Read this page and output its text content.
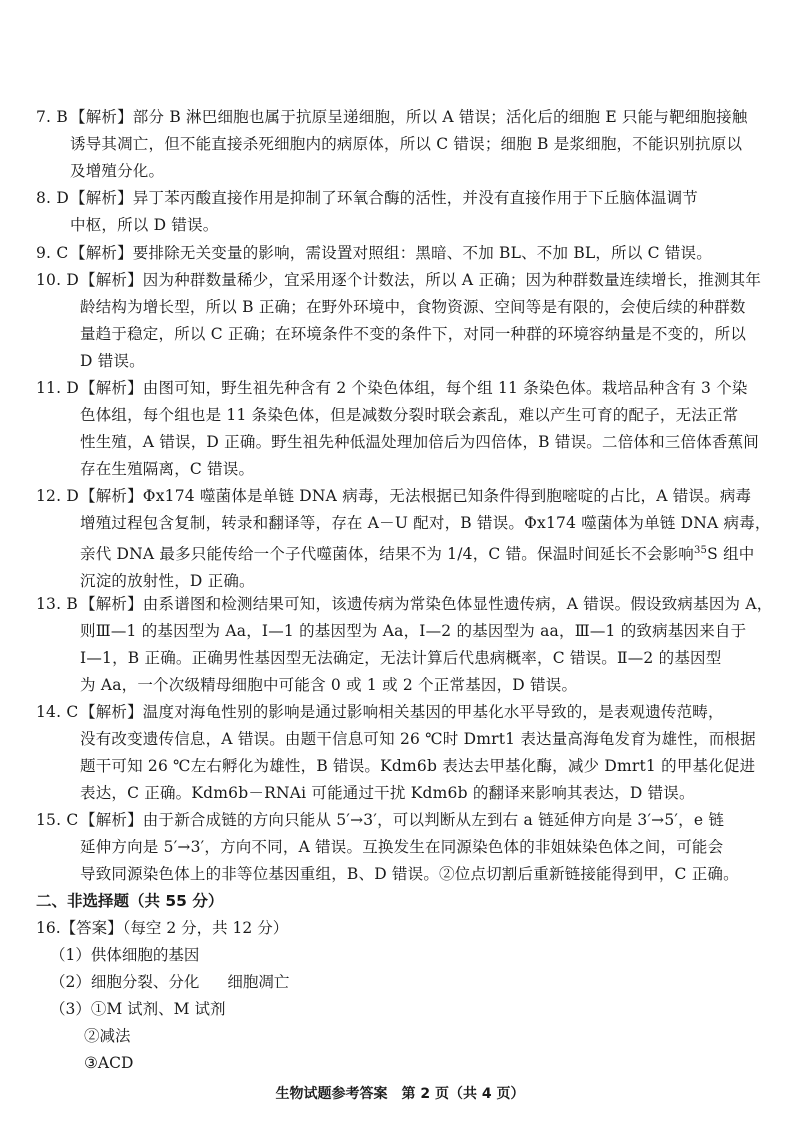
7. B 【解析】部分 B 淋巴细胞也属于抗原呈递细胞，所以 A 错误；活化后的细胞 E 只能与靶细胞接触
诱导其凋亡，但不能直接杀死细胞内的病原体，所以 C 错误；细胞 B 是浆细胞，不能识别抗原以
及增殖分化。
8. D【解析】异丁苯丙酸直接作用是抑制了环氧合酶的活性，并没有直接作用于下丘脑体温调节
中枢，所以 D 错误。
9. C 【解析】要排除无关变量的影响，需设置对照组：黑暗、不加 BL、不加 BL，所以 C 错误。
10. D【解析】因为种群数量稀少，宜采用逐个计数法，所以 A 正确；因为种群数量连续增长，推测其年
龄结构为增长型，所以 B 正确；在野外环境中，食物资源、空间等是有限的，会使后续的种群数
量趋于稳定，所以 C 正确；在环境条件不变的条件下，对同一种群的环境容纳量是不变的，所以
D 错误。
11. D【解析】由图可知，野生祖先种含有 2 个染色体组，每个组 11 条染色体。栽培品种含有 3 个染
色体组，每个组也是 11 条染色体，但是减数分裂时联会紊乱，难以产生可育的配子，无法正常
性生殖，A 错误，D 正确。野生祖先种低温处理加倍后为四倍体，B 错误。二倍体和三倍体香蕉间
存在生殖隔离，C 错误。
12. D【解析】Φx174 噬菌体是单链 DNA 病毒，无法根据已知条件得到胞嘧啶的占比，A 错误。病毒
增殖过程包含复制，转录和翻译等，存在 A－U 配对，B 错误。Φx174 噬菌体为单链 DNA 病毒，
亲代 DNA 最多只能传给一个子代噬菌体，结果不为 1/4，C 错。保温时间延长不会影响$^{35}$S 组中
沉淀的放射性，D 正确。
13. B 【解析】由系谱图和检测结果可知，该遗传病为常染色体显性遗传病，A 错误。假设致病基因为 A，
则Ⅲ—1 的基因型为 Aa，Ⅰ—1 的基因型为 Aa，Ⅰ—2 的基因型为 aa，Ⅲ—1 的致病基因来自于
Ⅰ—1，B 正确。正确男性基因型无法确定，无法计算后代患病概率，C 错误。Ⅱ—2 的基因型
为 Aa，一个次级精母细胞中可能含 0 或 1 或 2 个正常基因，D 错误。
14. C 【解析】温度对海龟性别的影响是通过影响相关基因的甲基化水平导致的，是表观遗传范畴，
没有改变遗传信息，A 错误。由题干信息可知 26 ℃时 Dmrt1 表达量高海龟发育为雄性，而根据
题干可知 26 ℃左右孵化为雄性，B 错误。Kdm6b 表达去甲基化酶，减少 Dmrt1 的甲基化促进
表达，C 正确。Kdm6b－RNAi 可能通过干扰 Kdm6b 的翻译来影响其表达，D 错误。
15. C 【解析】由于新合成链的方向只能从 5′→3′，可以判断从左到右 a 链延伸方向是 3′→5′，e 链
延伸方向是 5′→3′，方向不同，A 错误。互换发生在同源染色体的非姐妹染色体之间，可能会
导致同源染色体上的非等位基因重组，B、D 错误。②位点切割后重新链接能得到甲，C 正确。
二、非选择题（共 55 分）
16.【答案】（每空 2 分，共 12 分）
（1）供体细胞的基因
（2）细胞分裂、分化 细胞凋亡
（3）①M 试剂、M 试剂
②减法
③ACD
生物试题参考答案　第 2 页（共 4 页）
